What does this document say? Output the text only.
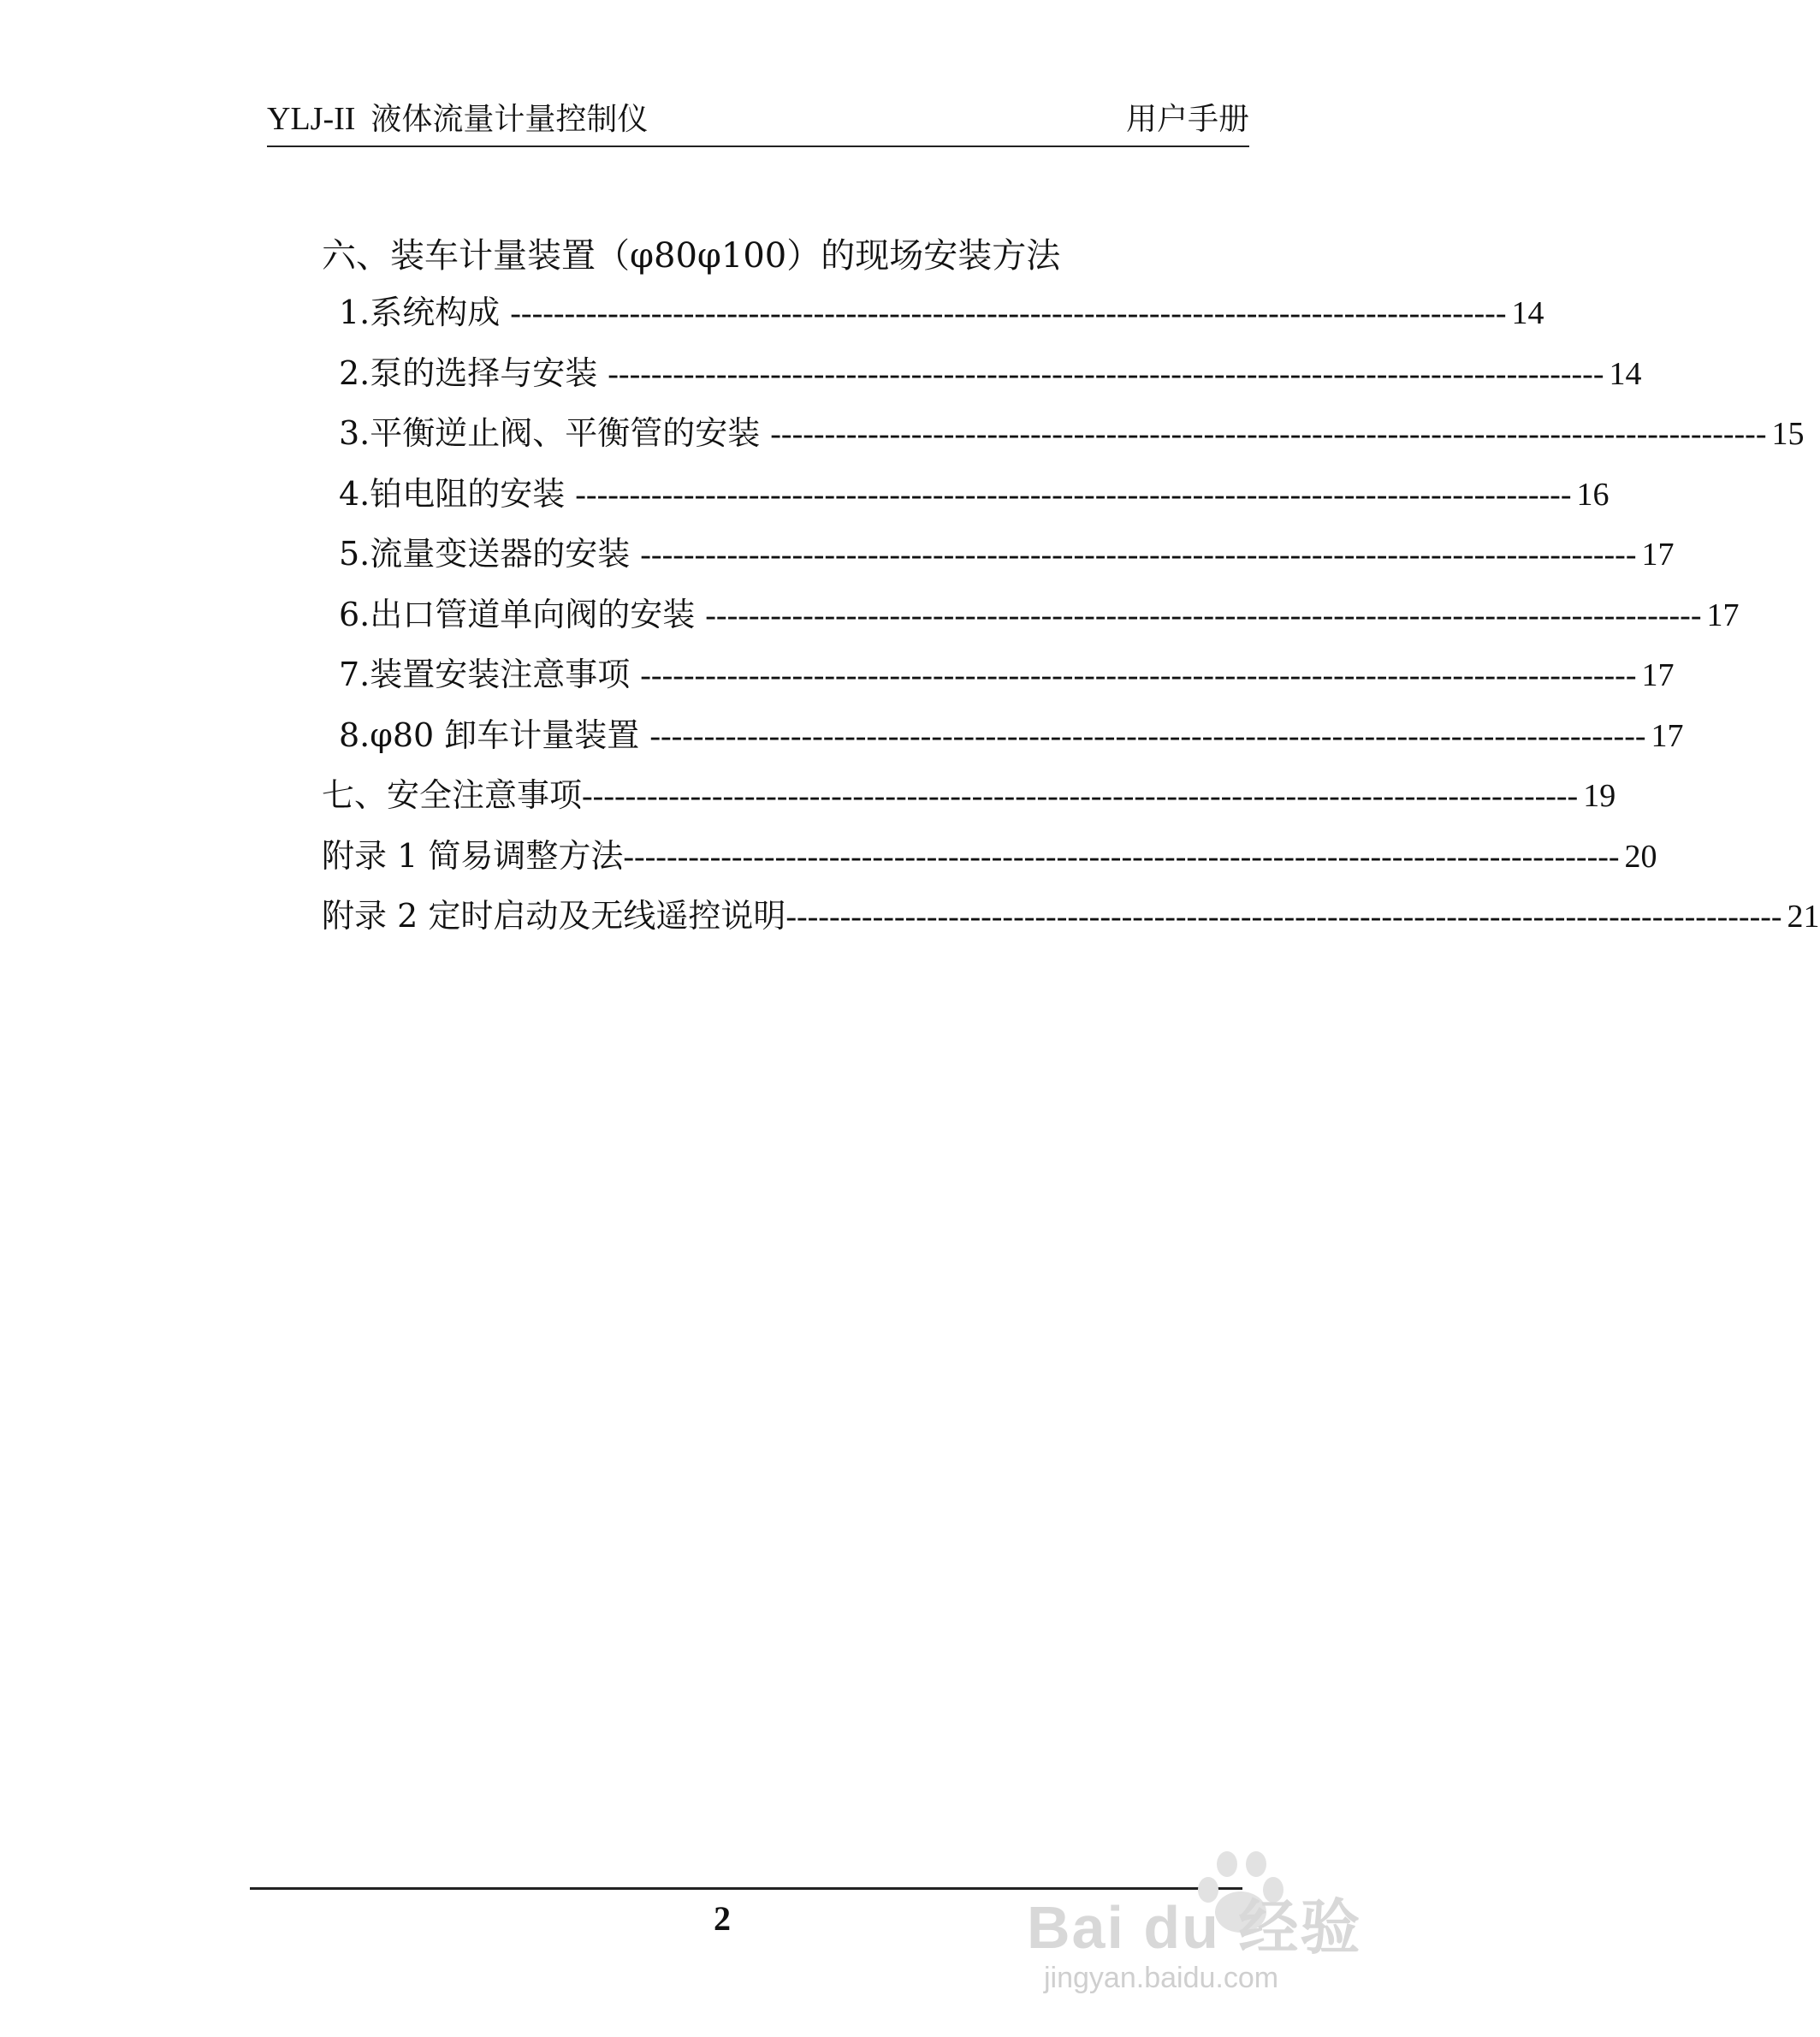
YLJ-II 液体流量计量控制仪	用户手册
六、装车计量装置（φ80φ100）的现场安装方法
1. 系统构成 -------------------------------------------------------------------------------------------- 14
2. 泵的选择与安装 -------------------------------------------------------------------------------------------- 14
3. 平衡逆止阀、平衡管的安装 -------------------------------------------------------------------------------------------- 15
4. 铂电阻的安装 -------------------------------------------------------------------------------------------- 16
5. 流量变送器的安装 -------------------------------------------------------------------------------------------- 17
6. 出口管道单向阀的安装 -------------------------------------------------------------------------------------------- 17
7. 装置安装注意事项 -------------------------------------------------------------------------------------------- 17
8. φ80 卸车计量装置 -------------------------------------------------------------------------------------------- 17
七、安全注意事项 -------------------------------------------------------------------------------------------- 19
附录 1 简易调整方法 -------------------------------------------------------------------------------------------- 20
附录 2 定时启动及无线遥控说明 -------------------------------------------------------------------------------------------- 21
2	Bai du 经验
jingyan.baidu.com
